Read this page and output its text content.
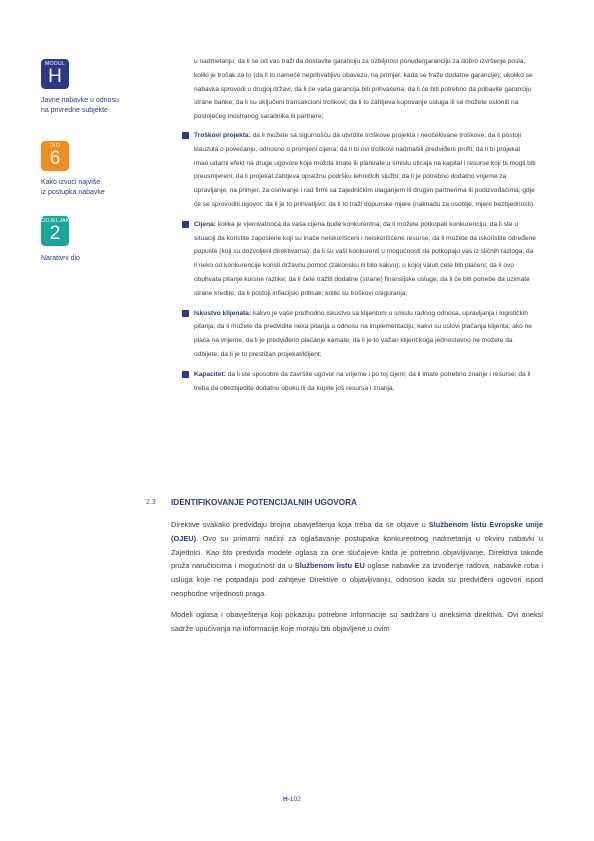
MODUL
H
Javne nabavke u odnosu
na privredne subjekte
DIO
6
Kako izvući najviše
iz postupka nabavke
ODJELJAK
2
Narativni dio

u nadmetanju; da li se od vas traži da dostavite garanciju za ozbiljnost ponude/garanciju za dobro izvršenje posla; koliki je trošak za to (da li to nameće neprihvatljivu obavezu, na primjer, kada se traže dodatne garancije); ukoliko se nabavka sprovodi u drugoj državi, da li će vaša garancija biti prihvaćena; da li će biti potrebno da pribavite garanciju strane banke; da li su uključeni transakcioni troškovi; da li to zahtjeva kupovanje usluga ili se možete osloniti na postojećeg inostranog saradnika ili partnere;

Troškovi projekta: da li možete sa sigurnošću da utvrdite troškove projekta i neočekivane troškove; da li postoji klauzula o povećanju, odnosno o promjeni cijena; da li bi ovi troškovi nadmašili predviđeni profit; da li bi projekat imao udarni efekt na druge ugovore koje možda imate ili planirate u smislu uticaja na kapital i resurse koji bi mogli biti preusmjereni; da li projekat zahtjeva opsežnu podršku tehničkih službi; da li je potrebno dodatno vrijeme za upravljanje, na primjer, za osnivanje i rad firmi sa zajedničkim ulaganjem ili drugim partnerima ili podizvođačima; gdje će se sprovoditi ugovor; da li je to prihvatljivo; da li to traži dopunske mjere (naknadu za osoblje, mjere bezbjednosti).
Cijena: kolika je vjerovatnoća da vaša cijena bude konkurentna; da li možete potkopati konkurenciju; da li ste u situaciji da koristite zaposlene koji su inače neiskorišćeni i neiskorišćene resurse; da li možete da iskoristite određene popuste (koji su dozvoljeni direktivama); da li su vaši konkurenti u mogućnosti da potkopaju vas iz sličnih razloga; da li neko od konkurencije koristi državnu pomoć (zakonsku ili bilo kakvu); u kojoj valuti ćete biti plaćeni; da li ovo obuhvata pitanje kursne razlike; da li ćete tražiti dodatne (strane) finansijske usluge; da li će biti potrebe da uzimate strane kredite; da li postoji inflacijski pritisak; koliki su troškovi osiguranja;
Iskustvo klijenata: kakvo je vaše prethodno iskustvo sa klijentom u smislu radnog odnosa, upravljanja i logističkih pitanja; da li možete da predvidite neka pitanja u odnosu na implementaciju; kakvi su uslovi plaćanja klijenta; ako ne plaća na vrijeme, da li je predviđeno plaćanje kamate; da li je to važan klijent koga jednostavno ne možete da odbijete; da li je to prestižan projekat/klijent;
Kapacitet: da li ste sposobni da završite ugovor na vrijeme i po toj cijeni; da li imate potrebno znanje i resurse; da li treba da obezbjedite dodatnu obuku ili da kupite još resursa i znanja.
2.3 IDENTIFIKOVANJE POTENCIJALNIH UGOVORA

Direktive svakako predviđaju brojna obavještenja koja treba da se objave u Službenom listu Evropske unije (OJEU). Ovo su primarni načini za oglašavanje postupaka konkurentnog nadmetanja u okviru nabavki u Zajednici. Kao što predviđa modele oglasa za one slučajeve kada je potrebno objavljivanje, Direktiva takođe pruža naručiocima i mogućnost da u Službenom listu EU oglase nabavke za izvođenje radova, nabavke roba i usluga koje ne potpadaju pod zahtjeve Direktive o objavljivanju, odnosno kada su predviđeni ugovori ispod neophodne vrijednosti praga.

Modeli oglasa i obavještenja koji pokazuju potrebne informacije su sadržani u aneksima direktiva. Ovi aneksi sadrže upućivanja na informacije koje moraju biti objavljene u ovim

H-102
